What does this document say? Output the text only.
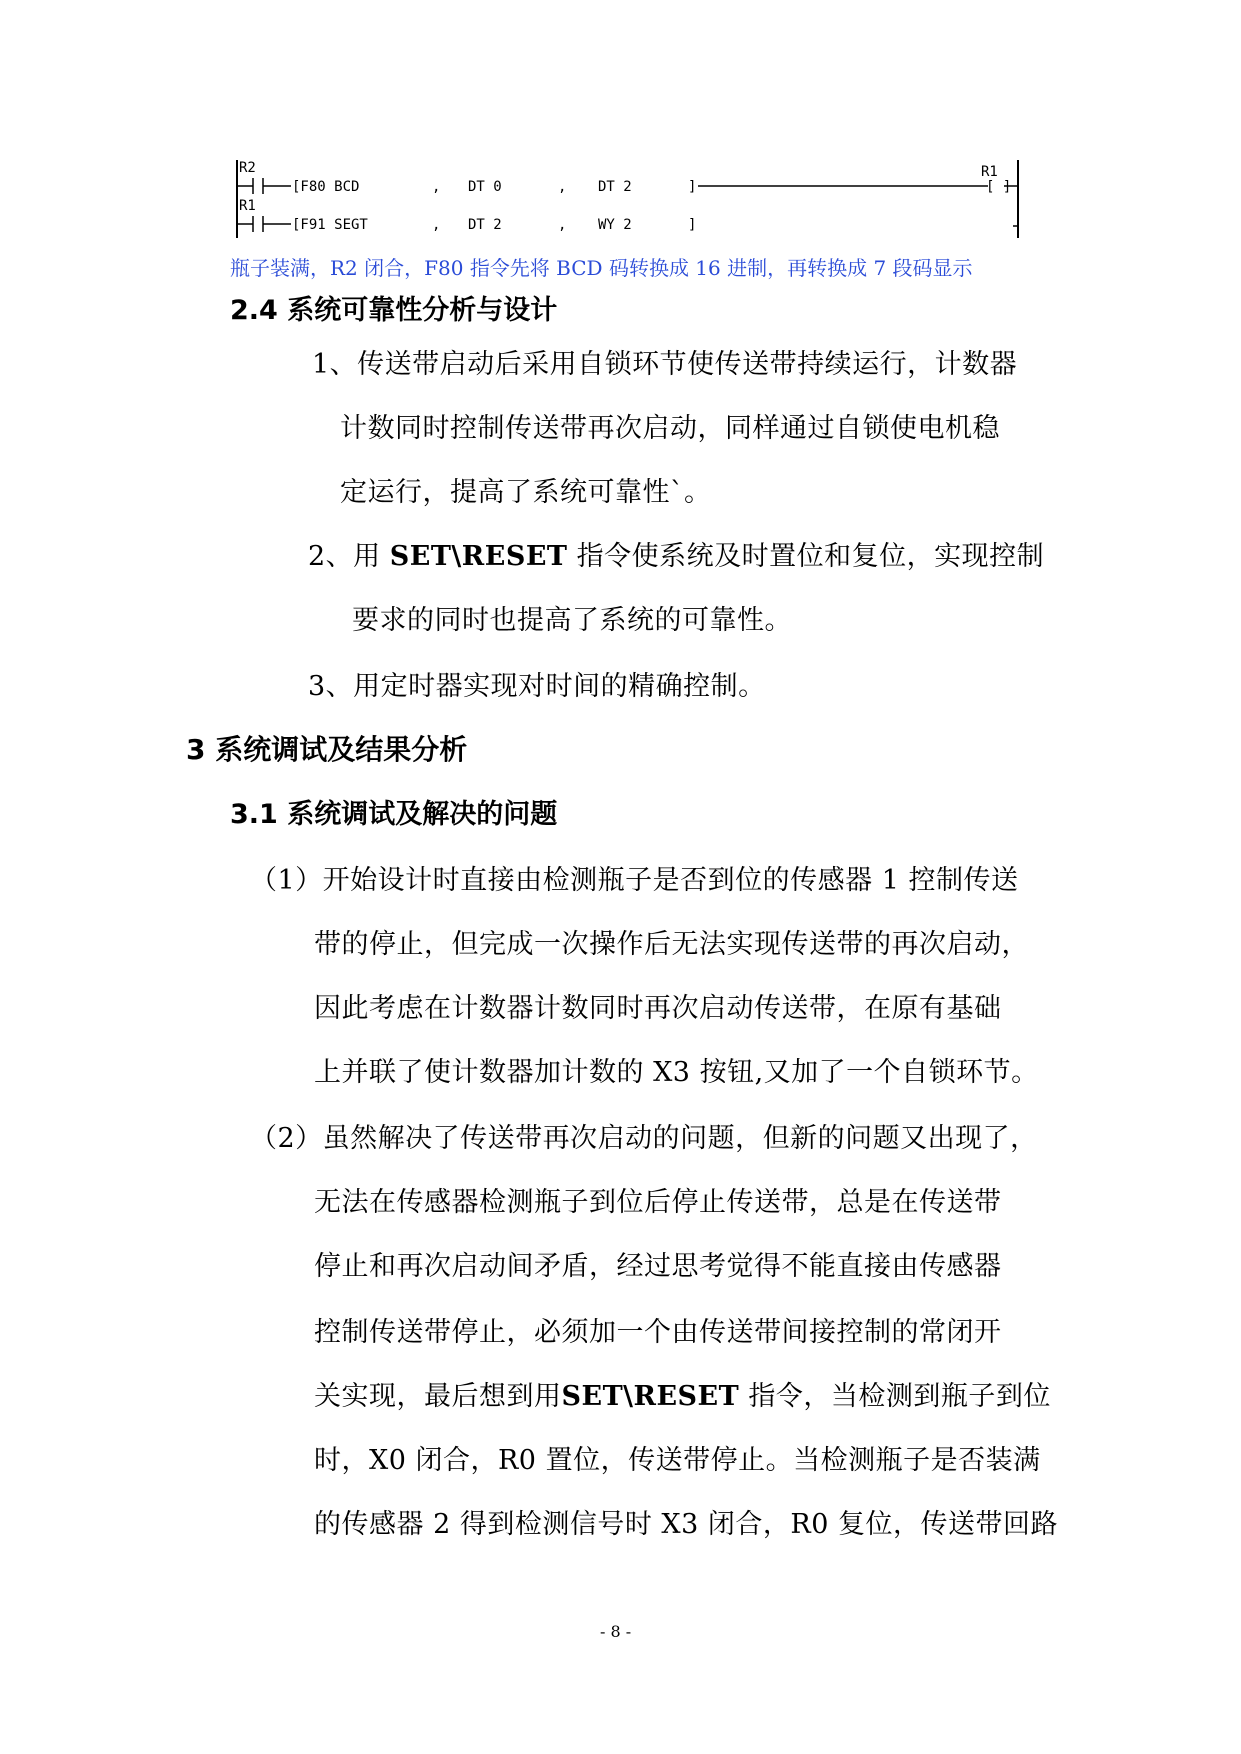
R2
[F80 BCD	, DT 0	, DT 2	]
R1
[ ]
R1
[F91 SEGT	, DT 2	, WY 2	]
瓶子装满，R2 闭合，F80 指令先将 BCD 码转换成 16 进制，再转换成 7 段码显示
2.4 系统可靠性分析与设计
1、传送带启动后采用自锁环节使传送带持续运行，计数器
计数同时控制传送带再次启动，同样通过自锁使电机稳
定运行，提高了系统可靠性`。
2、用 SET\RESET 指令使系统及时置位和复位，实现控制
要求的同时也提高了系统的可靠性。
3、用定时器实现对时间的精确控制。
3 系统调试及结果分析
3.1 系统调试及解决的问题
（1）开始设计时直接由检测瓶子是否到位的传感器 1 控制传送
带的停止，但完成一次操作后无法实现传送带的再次启动，
因此考虑在计数器计数同时再次启动传送带，在原有基础
上并联了使计数器加计数的 X3 按钮,又加了一个自锁环节。
（2）虽然解决了传送带再次启动的问题，但新的问题又出现了，
无法在传感器检测瓶子到位后停止传送带，总是在传送带
停止和再次启动间矛盾，经过思考觉得不能直接由传感器
控制传送带停止，必须加一个由传送带间接控制的常闭开
关实现，最后想到用SET\RESET 指令，当检测到瓶子到位
时，X0 闭合，R0 置位，传送带停止。当检测瓶子是否装满
的传感器 2 得到检测信号时 X3 闭合，R0 复位，传送带回路
- 8 -
